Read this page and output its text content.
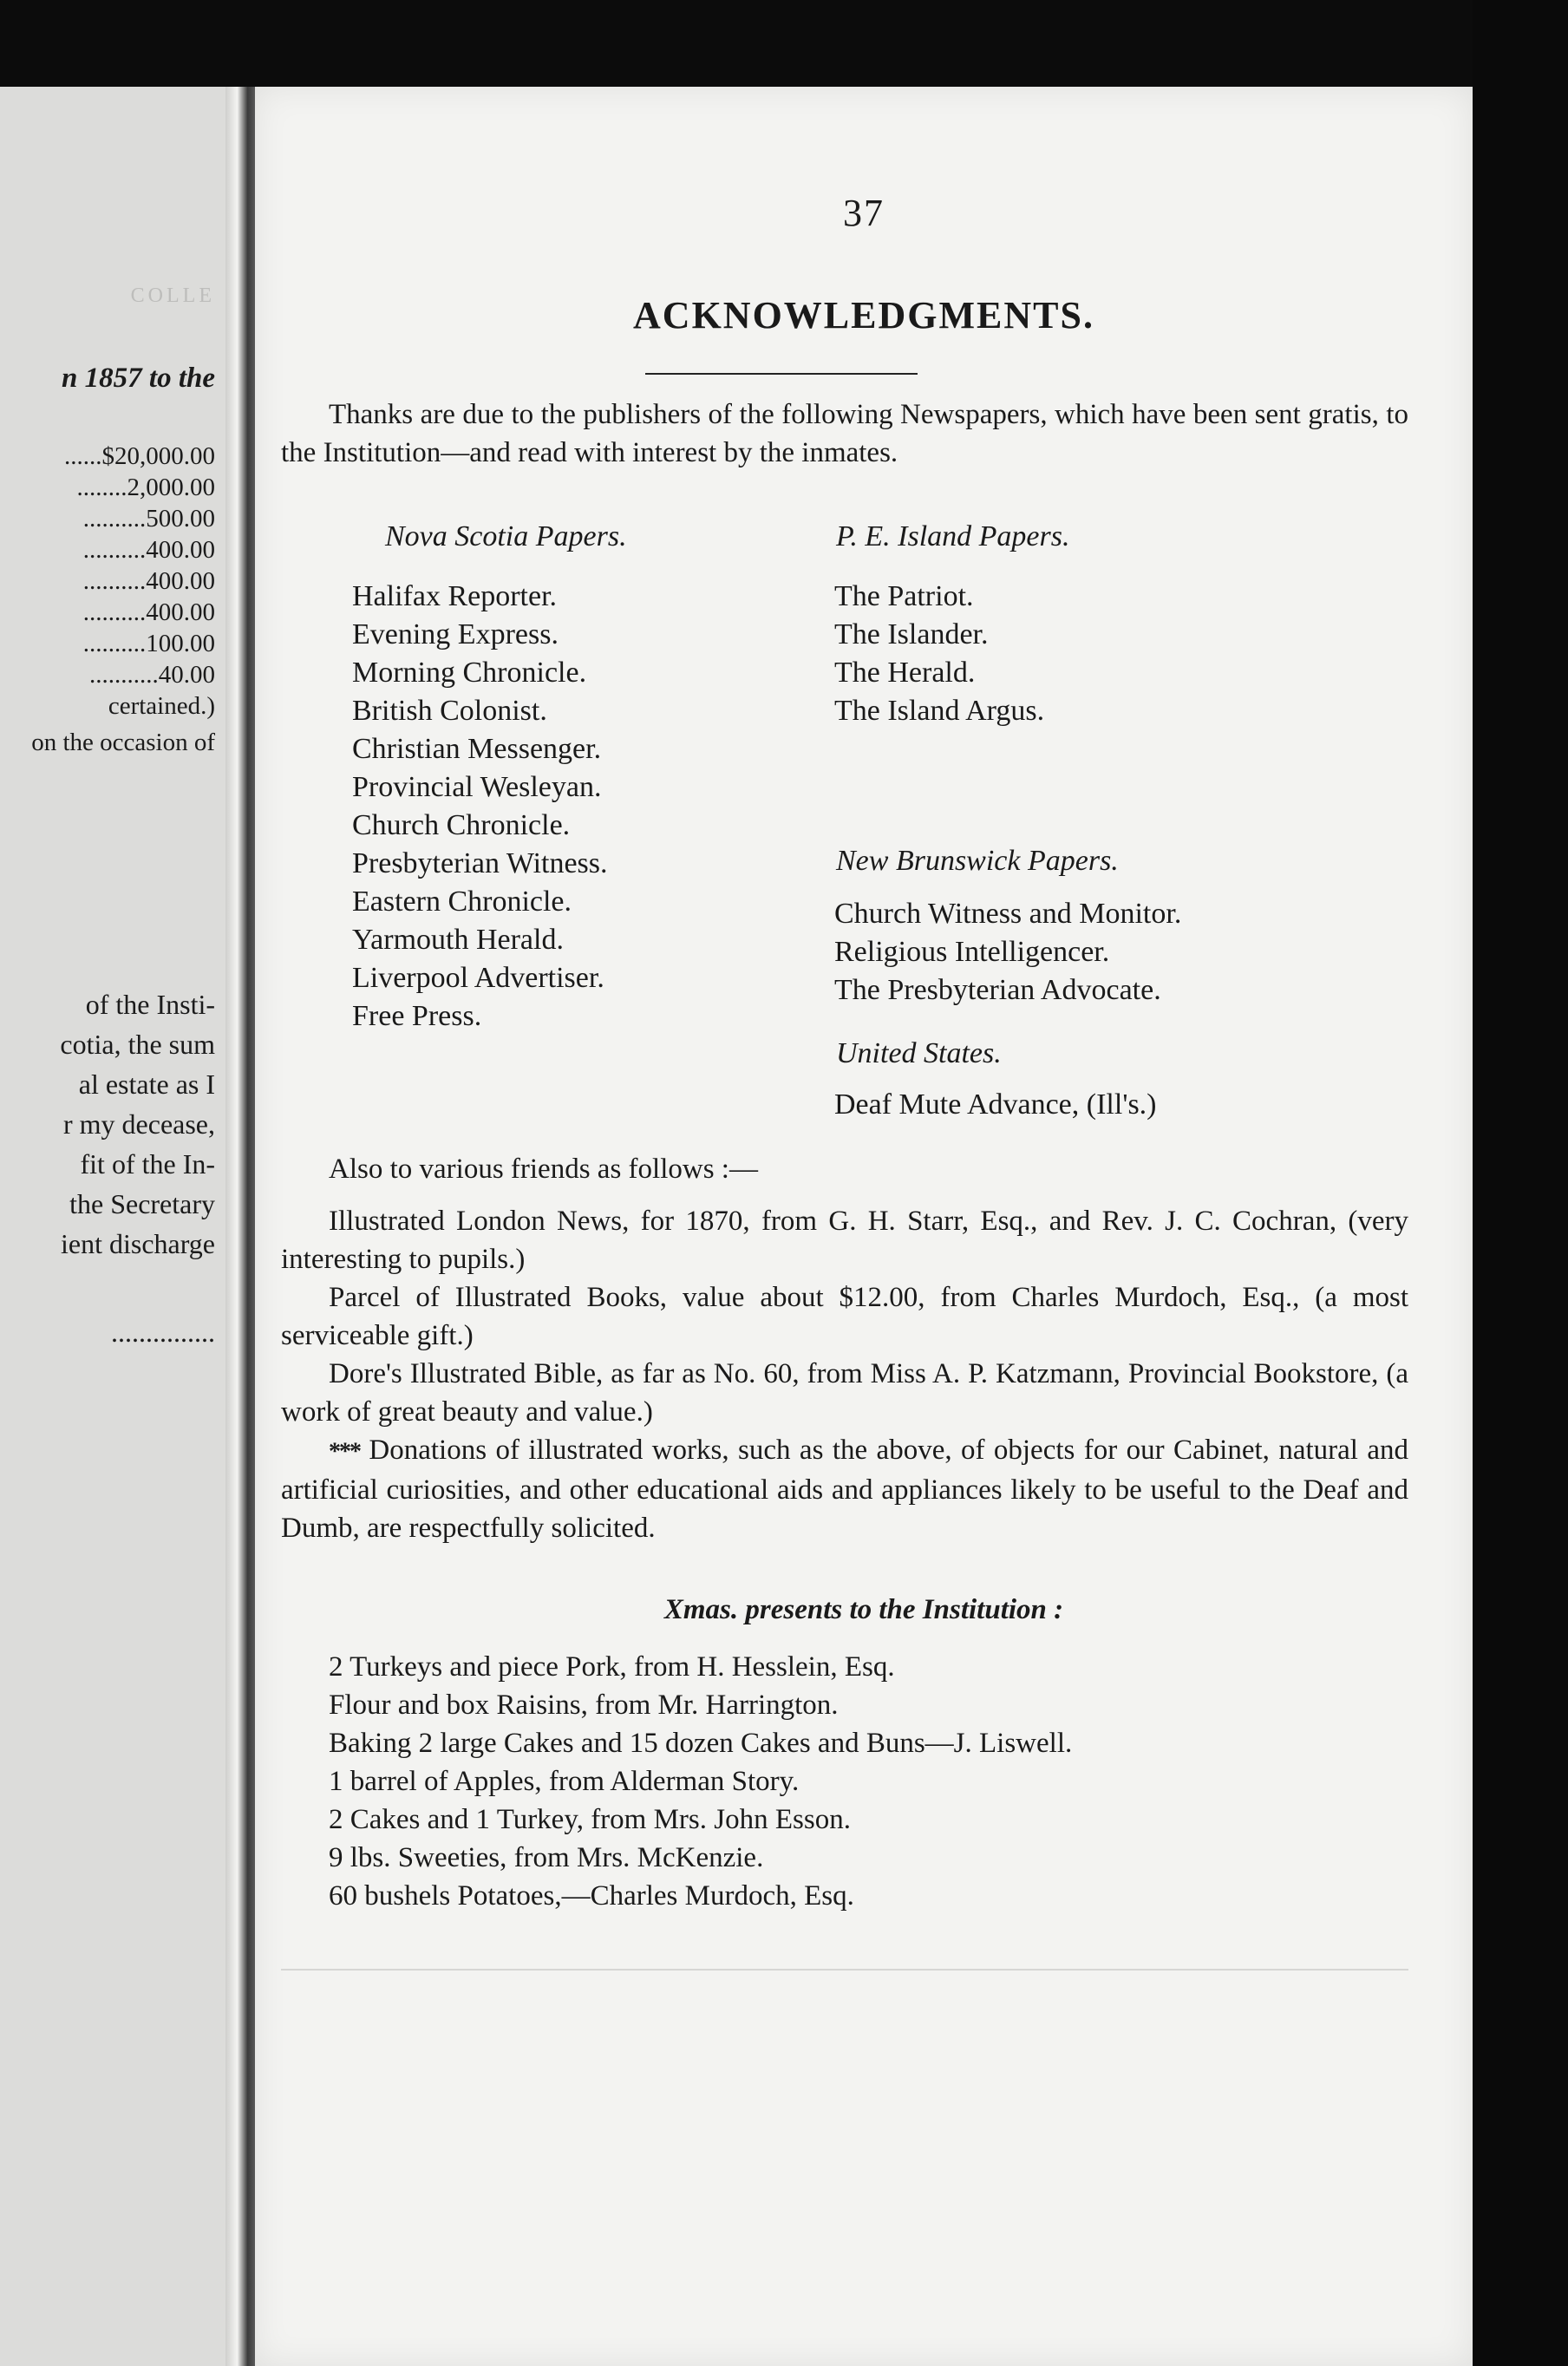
COLLE
n 1857 to the
......$20,000.00
........2,000.00
..........500.00
..........400.00
..........400.00
..........400.00
..........100.00
...........40.00
certained.)
on the occasion of
of the Insti-
cotia, the sum
al estate as I
r my decease,
fit of the In-
the Secretary
ient discharge
...............
37
ACKNOWLEDGMENTS.
Thanks are due to the publishers of the following Newspapers, which have been sent gratis, to the Institution—and read with interest by the inmates.
Nova Scotia Papers.
Halifax Reporter.
Evening Express.
Morning Chronicle.
British Colonist.
Christian Messenger.
Provincial Wesleyan.
Church Chronicle.
Presbyterian Witness.
Eastern Chronicle.
Yarmouth Herald.
Liverpool Advertiser.
Free Press.
P. E. Island Papers.
The Patriot.
The Islander.
The Herald.
The Island Argus.
New Brunswick Papers.
Church Witness and Monitor.
Religious Intelligencer.
The Presbyterian Advocate.
United States.
Deaf Mute Advance, (Ill's.)
Also to various friends as follows :—
Illustrated London News, for 1870, from G. H. Starr, Esq., and Rev. J. C. Cochran, (very interesting to pupils.)
Parcel of Illustrated Books, value about $12.00, from Charles Murdoch, Esq., (a most serviceable gift.)
Dore's Illustrated Bible, as far as No. 60, from Miss A. P. Katzmann, Provincial Bookstore, (a work of great beauty and value.)
*** Donations of illustrated works, such as the above, of objects for our Cabinet, natural and artificial curiosities, and other educational aids and appliances likely to be useful to the Deaf and Dumb, are respectfully solicited.
Xmas. presents to the Institution :
2 Turkeys and piece Pork, from H. Hesslein, Esq.
Flour and box Raisins, from Mr. Harrington.
Baking 2 large Cakes and 15 dozen Cakes and Buns—J. Liswell.
1 barrel of Apples, from Alderman Story.
2 Cakes and 1 Turkey, from Mrs. John Esson.
9 lbs. Sweeties, from Mrs. McKenzie.
60 bushels Potatoes,—Charles Murdoch, Esq.
